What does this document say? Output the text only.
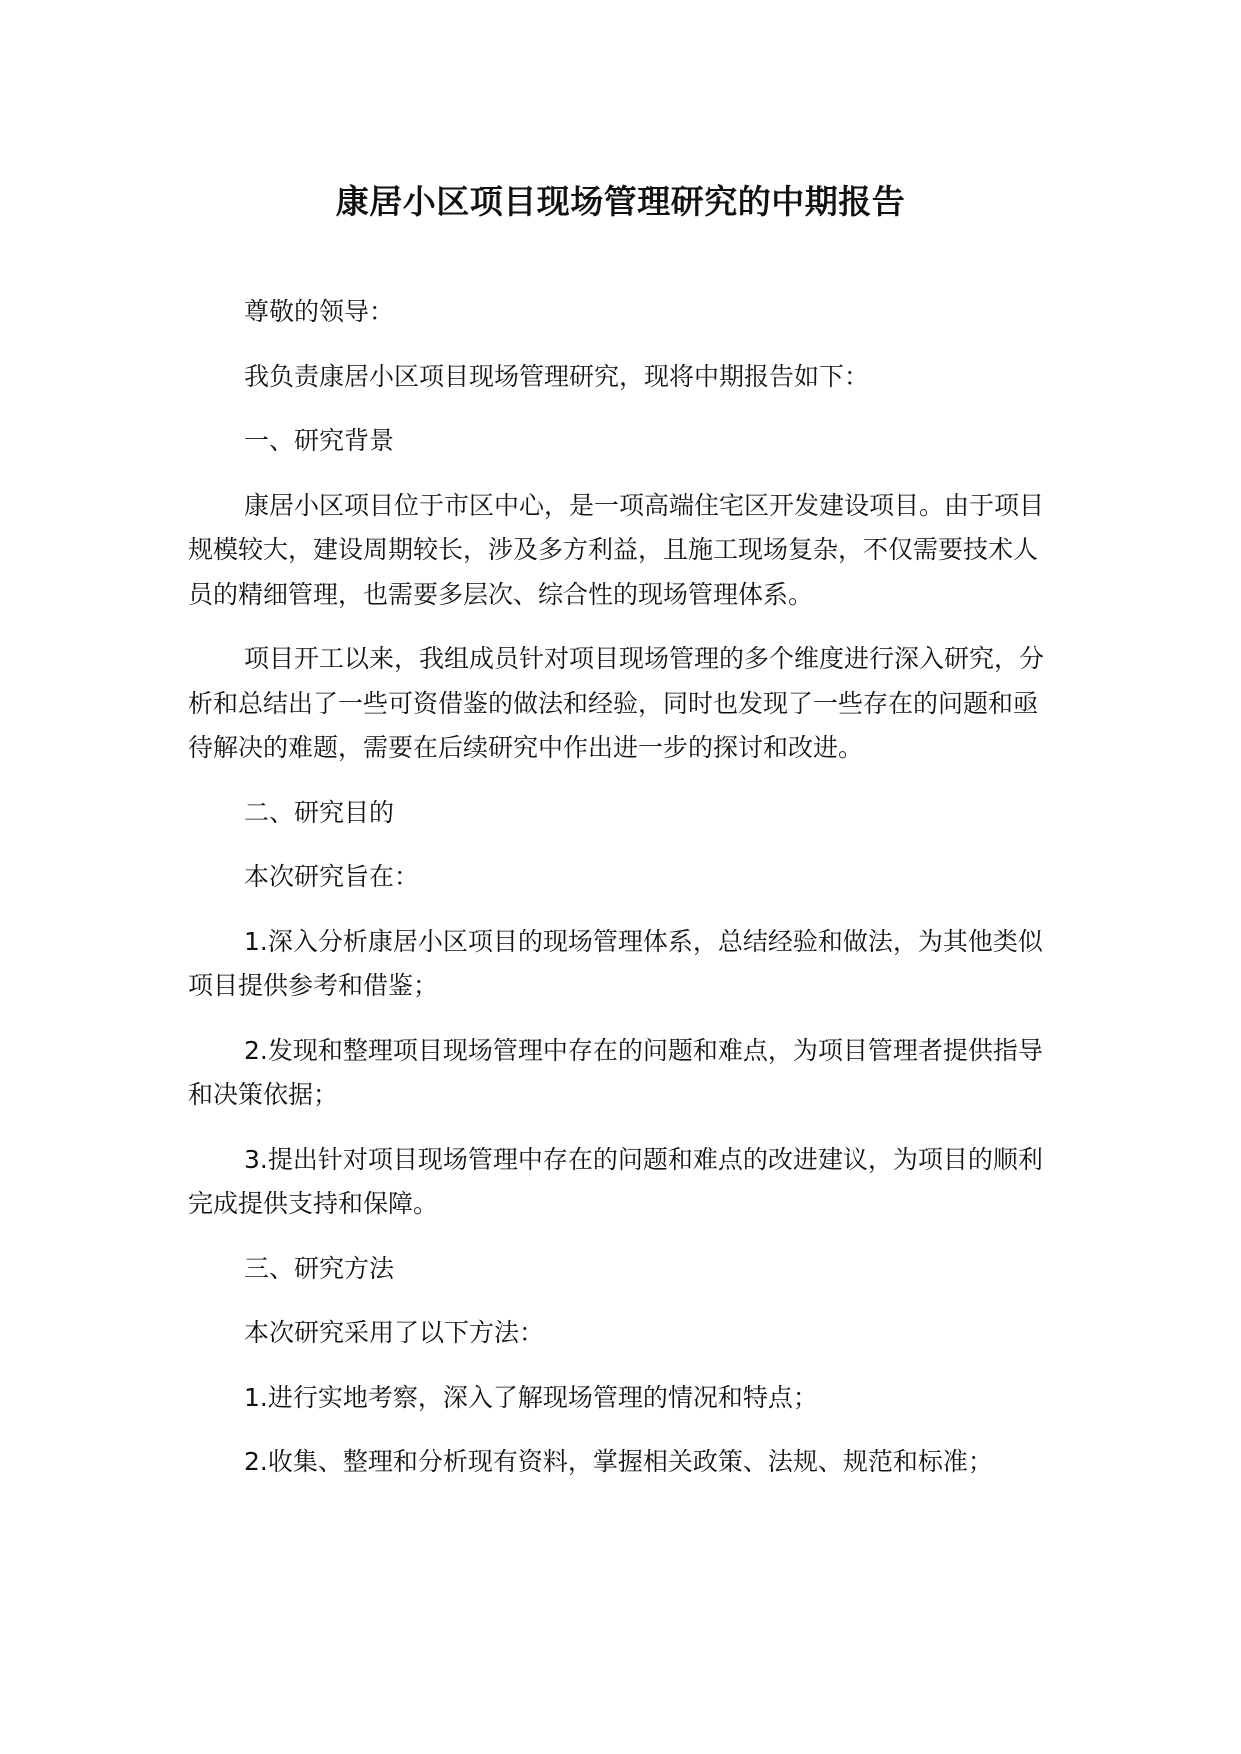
康居小区项目现场管理研究的中期报告

尊敬的领导：

我负责康居小区项目现场管理研究，现将中期报告如下：

一、研究背景

康居小区项目位于市区中心，是一项高端住宅区开发建设项目。由于项目规模较大，建设周期较长，涉及多方利益，且施工现场复杂，不仅需要技术人员的精细管理，也需要多层次、综合性的现场管理体系。

项目开工以来，我组成员针对项目现场管理的多个维度进行深入研究，分析和总结出了一些可资借鉴的做法和经验，同时也发现了一些存在的问题和亟待解决的难题，需要在后续研究中作出进一步的探讨和改进。

二、研究目的

本次研究旨在：

1.深入分析康居小区项目的现场管理体系，总结经验和做法，为其他类似项目提供参考和借鉴；

2.发现和整理项目现场管理中存在的问题和难点，为项目管理者提供指导和决策依据；

3.提出针对项目现场管理中存在的问题和难点的改进建议，为项目的顺利完成提供支持和保障。

三、研究方法

本次研究采用了以下方法：

1.进行实地考察，深入了解现场管理的情况和特点；

2.收集、整理和分析现有资料，掌握相关政策、法规、规范和标准；
